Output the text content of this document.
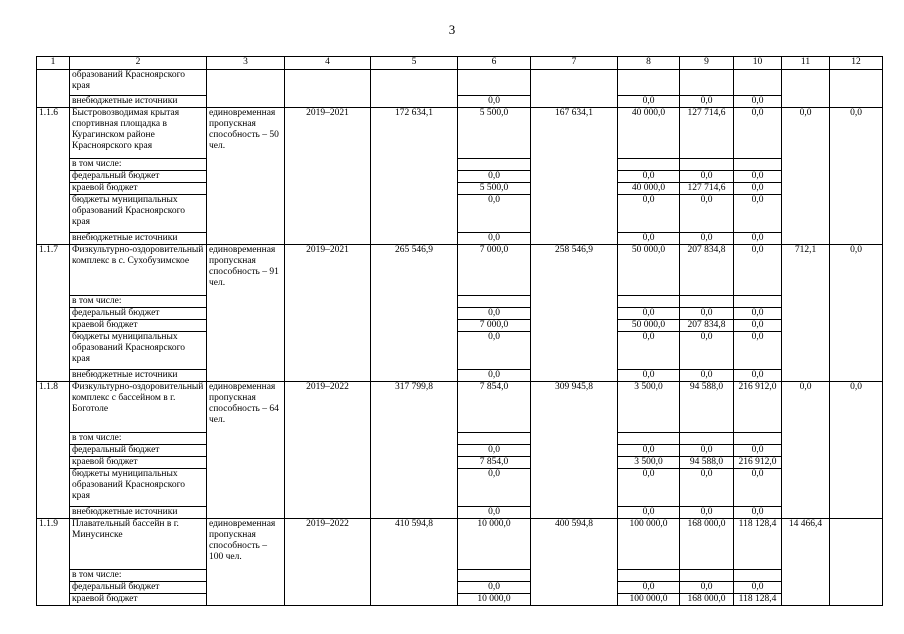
3
1	2	3	4	5	6	7	8	9	10	11	12
	образований Красноярского края										
	внебюджетные источники				0,0		0,0	0,0	0,0		
1.1.6	Быстровозводимая крытая спортивная площадка в Курагинском районе Красноярского края	единовременная пропускная способность – 50 чел.	2019–2021	172 634,1	5 500,0	167 634,1	40 000,0	127 714,6	0,0	0,0	0,0
	в том числе:										
	федеральный бюджет				0,0		0,0	0,0	0,0		
	краевой бюджет				5 500,0		40 000,0	127 714,6	0,0		
	бюджеты муниципальных образований Красноярского края				0,0		0,0	0,0	0,0		
	внебюджетные источники				0,0		0,0	0,0	0,0		
1.1.7	Физкультурно-оздоровительный комплекс в с. Сухобузимское	единовременная пропускная способность – 91 чел.	2019–2021	265 546,9	7 000,0	258 546,9	50 000,0	207 834,8	0,0	712,1	0,0
	в том числе:										
	федеральный бюджет				0,0		0,0	0,0	0,0		
	краевой бюджет				7 000,0		50 000,0	207 834,8	0,0		
	бюджеты муниципальных образований Красноярского края				0,0		0,0	0,0	0,0		
	внебюджетные источники				0,0		0,0	0,0	0,0		
1.1.8	Физкультурно-оздоровительный комплекс с бассейном в г. Боготоле	единовременная пропускная способность – 64 чел.	2019–2022	317 799,8	7 854,0	309 945,8	3 500,0	94 588,0	216 912,0	0,0	0,0
	в том числе:										
	федеральный бюджет				0,0		0,0	0,0	0,0		
	краевой бюджет				7 854,0		3 500,0	94 588,0	216 912,0		
	бюджеты муниципальных образований Красноярского края				0,0		0,0	0,0	0,0		
	внебюджетные источники				0,0		0,0	0,0	0,0		
1.1.9	Плавательный бассейн в г. Минусинске	единовременная пропускная способность – 100 чел.	2019–2022	410 594,8	10 000,0	400 594,8	100 000,0	168 000,0	118 128,4	14 466,4	
	в том числе:										
	федеральный бюджет				0,0		0,0	0,0	0,0		
	краевой бюджет				10 000,0		100 000,0	168 000,0	118 128,4		
